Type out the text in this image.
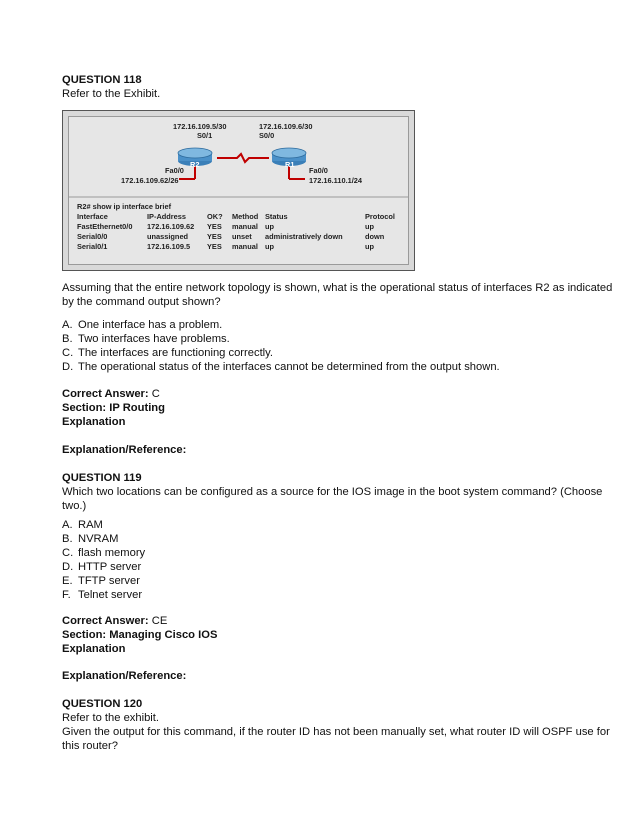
QUESTION 118
Refer to the Exhibit.
R2	R1
172.16.109.5/30
S0/1
172.16.109.6/30
S0/0
Fa0/0
172.16.109.62/26
Fa0/0
172.16.110.1/24
R2# show ip interface brief
Interface	IP-Address	OK? Method Status	Protocol
FastEthernet0/0 172.16.109.62 YES manual up	up
Serial0/0	unassigned	YES unset administratively down	down
Serial0/1	172.16.109.5 YES manual up	up
Assuming that the entire network topology is shown, what is the operational status of interfaces R2 as indicated
by the command output shown?
A. One interface has a problem.
B. Two interfaces have problems.
C. The interfaces are functioning correctly.
D. The operational status of the interfaces cannot be determined from the output shown.
Correct Answer: C
Section: IP Routing
Explanation
Explanation/Reference:
QUESTION 119
Which two locations can be configured as a source for the IOS image in the boot system command? (Choose
two.)
A. RAM
B. NVRAM
C. flash memory
D. HTTP server
E. TFTP server
F. Telnet server
Correct Answer: CE
Section: Managing Cisco IOS
Explanation
Explanation/Reference:
QUESTION 120
Refer to the exhibit.
Given the output for this command, if the router ID has not been manually set, what router ID will OSPF use for
this router?
